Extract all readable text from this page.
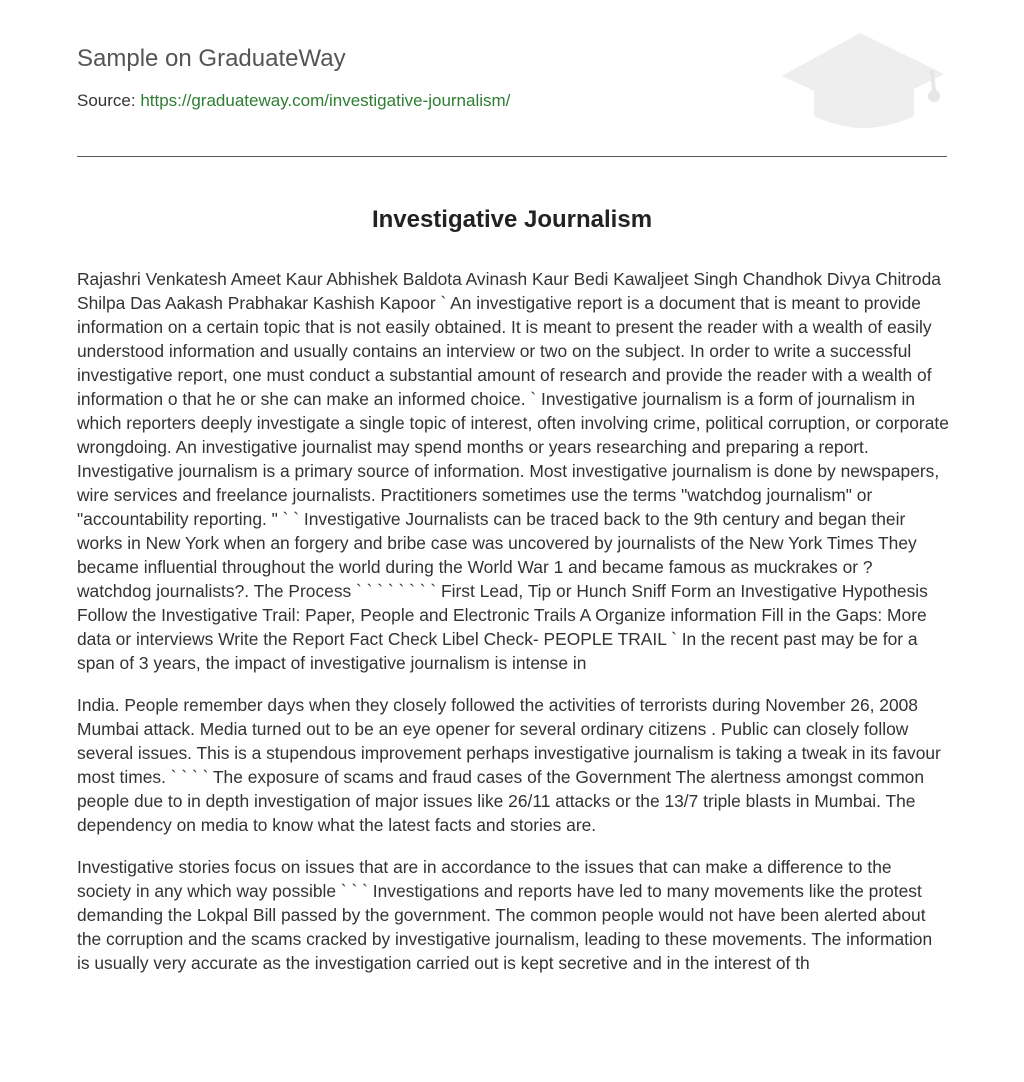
Sample on GraduateWay
Source: https://graduateway.com/investigative-journalism/
Investigative Journalism

Rajashri Venkatesh Ameet Kaur Abhishek Baldota Avinash Kaur Bedi Kawaljeet Singh Chandhok Divya Chitroda Shilpa Das Aakash Prabhakar Kashish Kapoor ` An investigative report is a document that is meant to provide information on a certain topic that is not easily obtained. It is meant to present the reader with a wealth of easily understood information and usually contains an interview or two on the subject. In order to write a successful investigative report, one must conduct a substantial amount of research and provide the reader with a wealth of information o that he or she can make an informed choice. ` Investigative journalism is a form of journalism in which reporters deeply investigate a single topic of interest, often involving crime, political corruption, or corporate wrongdoing. An investigative journalist may spend months or years researching and preparing a report. Investigative journalism is a primary source of information. Most investigative journalism is done by newspapers, wire services and freelance journalists. Practitioners sometimes use the terms "watchdog journalism" or "accountability reporting. " ` ` Investigative Journalists can be traced back to the 9th century and began their works in New York when an forgery and bribe case was uncovered by journalists of the New York Times They became influential throughout the world during the World War 1 and became famous as muckrakes or ? watchdog journalists?. The Process ` ` ` ` ` ` ` ` First Lead, Tip or Hunch Sniff Form an Investigative Hypothesis Follow the Investigative Trail: Paper, People and Electronic Trails A Organize information Fill in the Gaps: More data or interviews Write the Report Fact Check Libel Check- PEOPLE TRAIL ` In the recent past may be for a span of 3 years, the impact of investigative journalism is intense in

India. People remember days when they closely followed the activities of terrorists during November 26, 2008 Mumbai attack. Media turned out to be an eye opener for several ordinary citizens . Public can closely follow several issues. This is a stupendous improvement perhaps investigative journalism is taking a tweak in its favour most times. ` ` ` ` The exposure of scams and fraud cases of the Government The alertness amongst common people due to in depth investigation of major issues like 26/11 attacks or the 13/7 triple blasts in Mumbai. The dependency on media to know what the latest facts and stories are.

Investigative stories focus on issues that are in accordance to the issues that can make a difference to the society in any which way possible ` ` ` Investigations and reports have led to many movements like the protest demanding the Lokpal Bill passed by the government. The common people would not have been alerted about the corruption and the scams cracked by investigative journalism, leading to these movements. The information is usually very accurate as the investigation carried out is kept secretive and in the interest of th
